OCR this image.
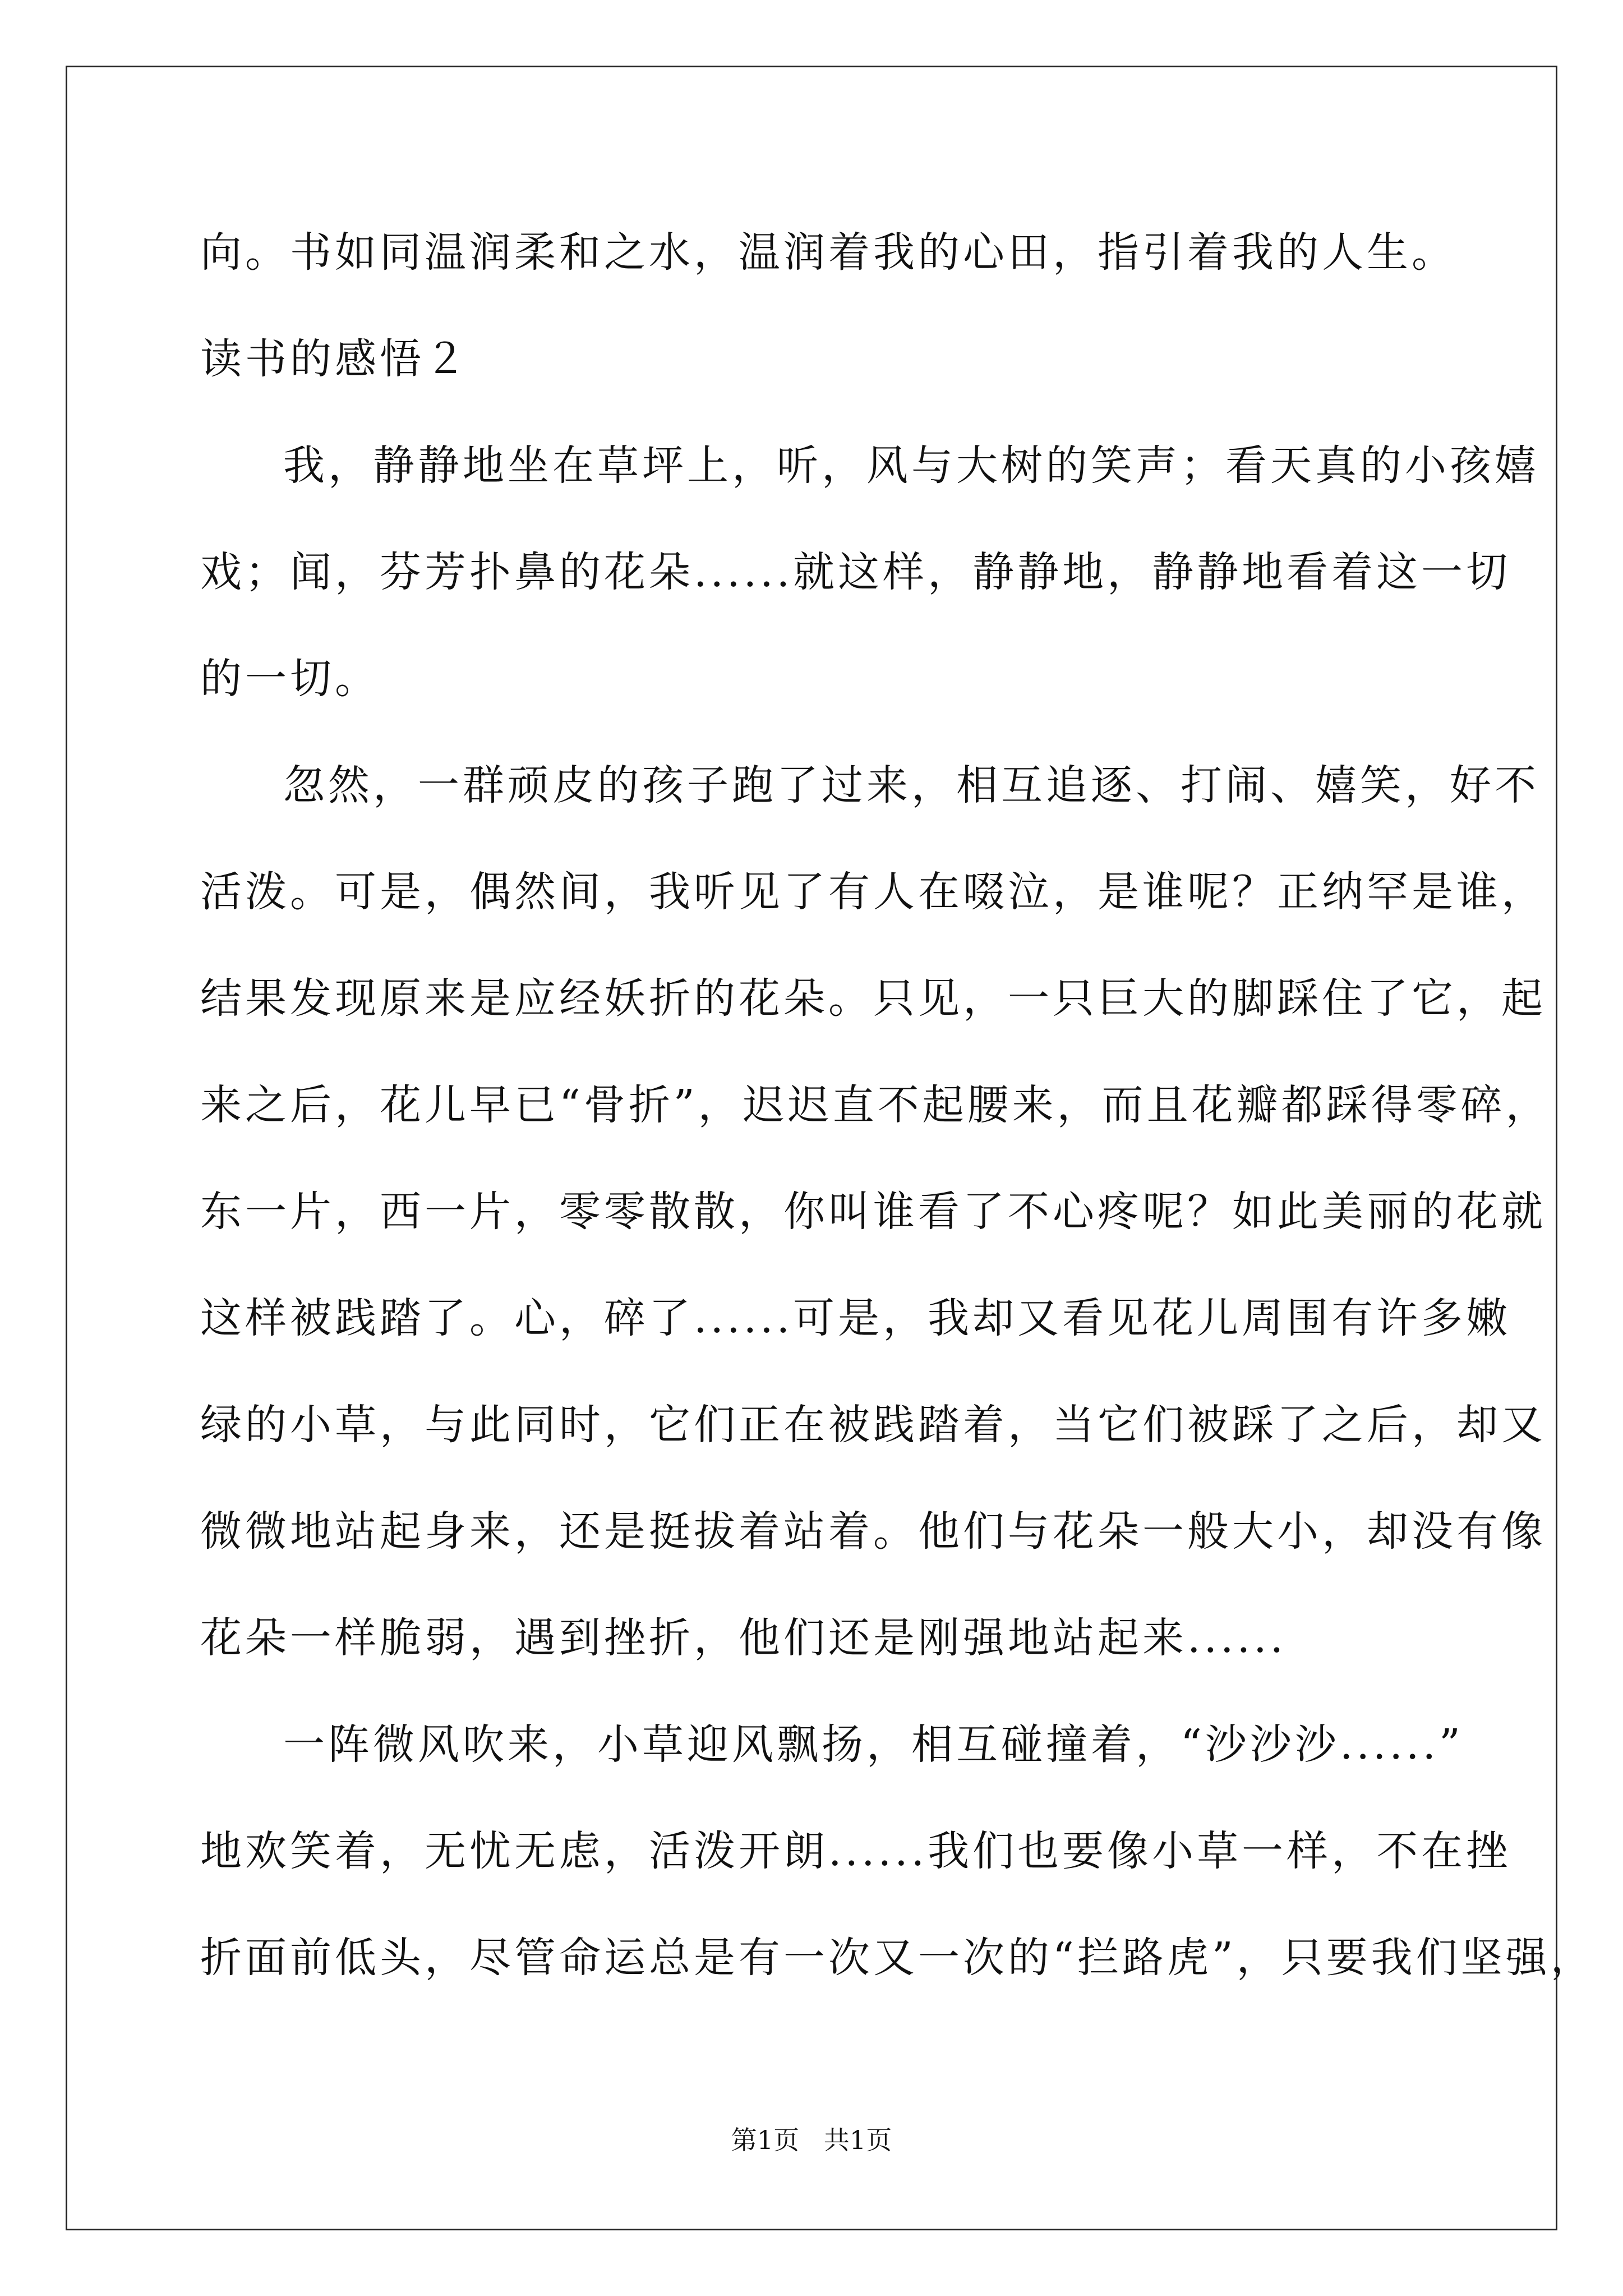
向。书如同温润柔和之水，温润着我的心田，指引着我的人生。
读书的感悟２
我，静静地坐在草坪上，听，风与大树的笑声；看天真的小孩嬉
戏；闻，芬芳扑鼻的花朵......就这样，静静地，静静地看着这一切
的一切。
忽然，一群顽皮的孩子跑了过来，相互追逐、打闹、嬉笑，好不
活泼。可是，偶然间，我听见了有人在啜泣，是谁呢？正纳罕是谁，
结果发现原来是应经妖折的花朵。只见，一只巨大的脚踩住了它，起
来之后，花儿早已“骨折”，迟迟直不起腰来，而且花瓣都踩得零碎，
东一片，西一片，零零散散，你叫谁看了不心疼呢？如此美丽的花就
这样被践踏了。心，碎了......可是，我却又看见花儿周围有许多嫩
绿的小草，与此同时，它们正在被践踏着，当它们被踩了之后，却又
微微地站起身来，还是挺拔着站着。他们与花朵一般大小，却没有像
花朵一样脆弱，遇到挫折，他们还是刚强地站起来......
一阵微风吹来，小草迎风飘扬，相互碰撞着，“沙沙沙......”
地欢笑着，无忧无虑，活泼开朗......我们也要像小草一样，不在挫
折面前低头，尽管命运总是有一次又一次的“拦路虎”，只要我们坚强，
第1页   共1页
